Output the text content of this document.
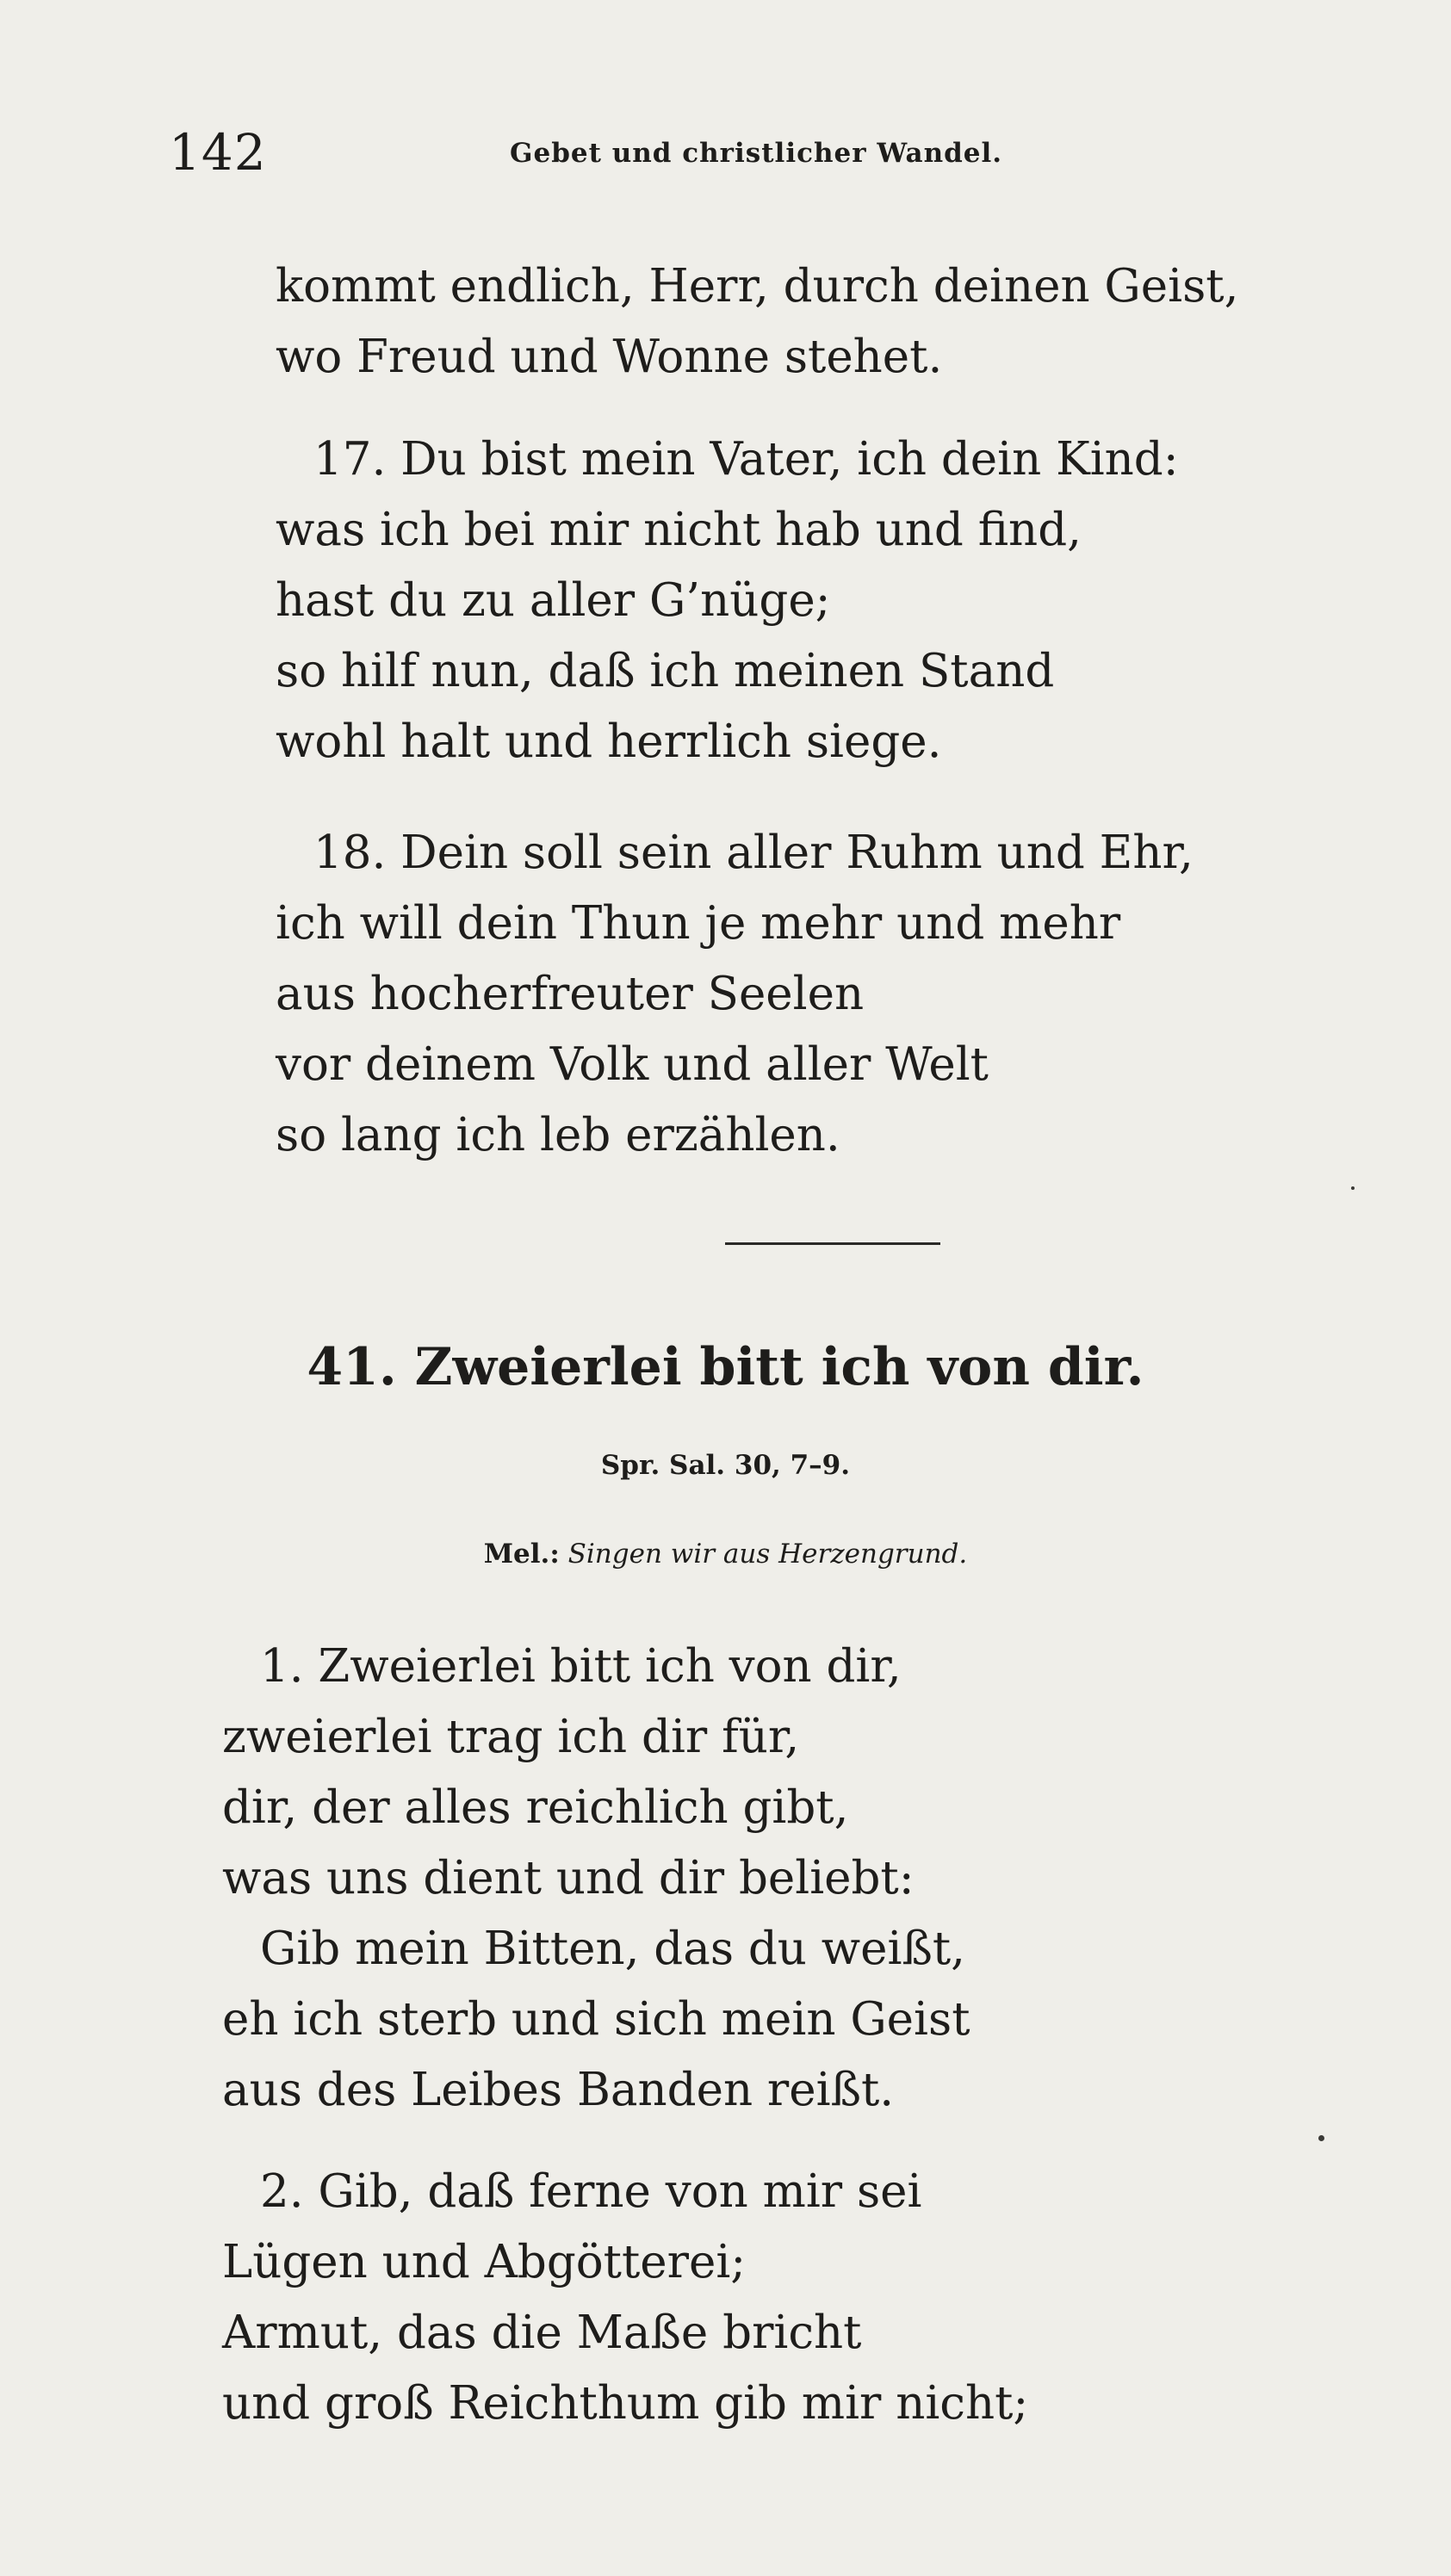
142	Gebet und christlicher Wandel.
kommt endlich, Herr, durch deinen Geist,
wo Freud und Wonne stehet.
17. Du bist mein Vater, ich dein Kind:
was ich bei mir nicht hab und find,
hast du zu aller G’nüge;
so hilf nun, daß ich meinen Stand
wohl halt und herrlich siege.
18. Dein soll sein aller Ruhm und Ehr,
ich will dein Thun je mehr und mehr
aus hocherfreuter Seelen
vor deinem Volk und aller Welt
so lang ich leb erzählen.
41. Zweierlei bitt ich von dir.
Spr. Sal. 30, 7–9.
Mel.: Singen wir aus Herzengrund.
1. Zweierlei bitt ich von dir,
zweierlei trag ich dir für,
dir, der alles reichlich gibt,
was uns dient und dir beliebt:
Gib mein Bitten, das du weißt,
eh ich sterb und sich mein Geist
aus des Leibes Banden reißt.
2. Gib, daß ferne von mir sei
Lügen und Abgötterei;
Armut, das die Maße bricht
und groß Reichthum gib mir nicht;
